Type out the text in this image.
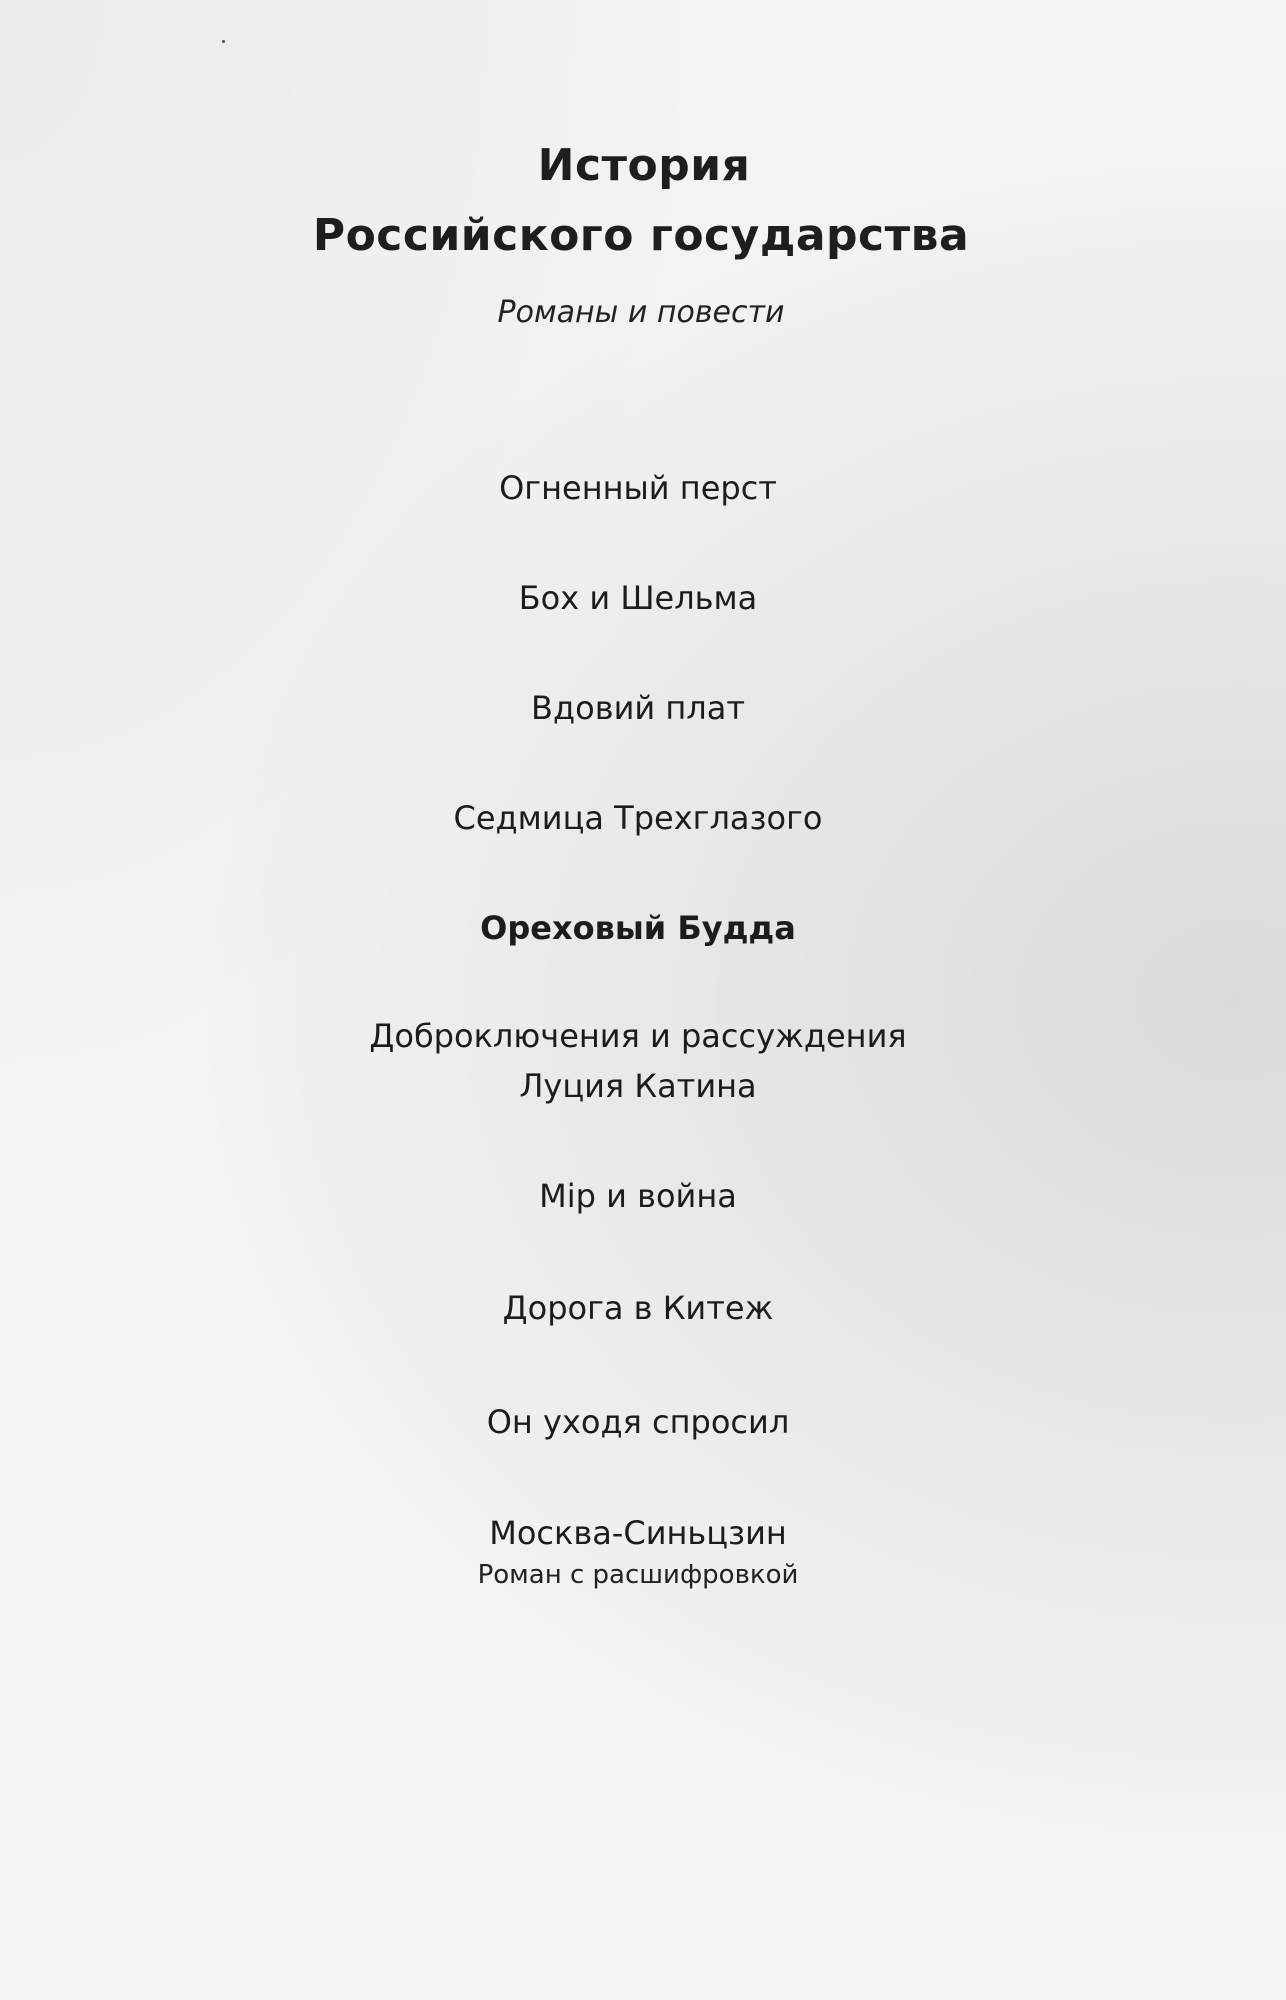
История
Российского государства
Романы и повести
Огненный перст
Бох и Шельма
Вдовий плат
Седмица Трехглазого
Ореховый Будда
Доброключения и рассуждения
Луция Катина
Мiр и война
Дорога в Китеж
Он уходя спросил
Москва-Синьцзин
Роман с расшифровкой
